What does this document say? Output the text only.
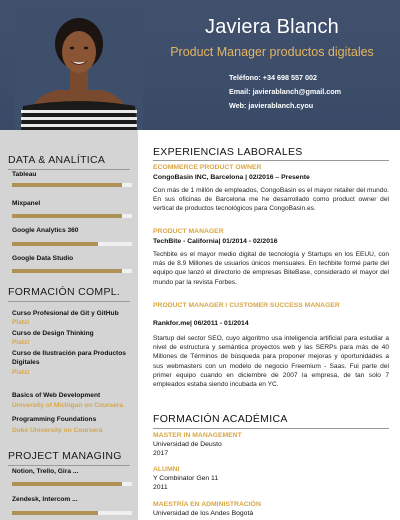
Javiera Blanch
Product Manager productos digitales
Teléfono: +34 698 557 002
Email: javierablanch@gmail.com
Web: javierablanch.cyou
DATA & ANALÍTICA
Tableau
Mixpanel
Google Analytics 360
Google Data Studio
FORMACIÓN COMPL.
Curso Profesional de Git y GitHub
Platzi
Curso de Design Thinking
Platzi
Curso de Ilustración para Productos Digitales
Platzi
Basics of Web Development
University of Michigan on Coursera
Programming Foundations
Duke University on Coursera
PROJECT MANAGING
Notion, Trello, Gira ...
Zendesk, Intercom ...
EXPERIENCIAS LABORALES
ECOMMERCE PRODUCT OWNER
CongoBasin INC, Barcelona | 02/2016 – Presente
Con más de 1 millón de empleados, CongoBasin es el mayor retailer del mundo. En sus oficinas de Barcelona me he desarrollado como product owner del vertical de productos tecnológicos para CongoBasin.es.
PRODUCT MANAGER
TechBite - California| 01/2014 - 02/2016
Techbite es el mayor medio digital de tecnología y Startups en los EEUU, con más de 8.9 Millones de usuarios únicos mensuales. En techbite formé parte del equipo que lanzó el directorio de empresas BiteBase, considerado el mayor del mundo par la revista Forbes.
PRODUCT MANAGER / CUSTOMER SUCCESS MANAGER
Rankfor.me| 06/2011 - 01/2014
Startup del sector SEO, cuyo algoritmo usa inteligencia artificial para estudiar a nivel de estructura y semántica proyectos web y las SERPs para más de 40 Millones de Términos de búsqueda para proponer mejoras y oportunidades a sus webmasters con un modelo de negocio Freemium - Saas. Fui parte del primer equipo cuando en diciembre de 2007 la empresa, de tan solo 7 empleados estaba siendo incubada en YC.
FORMACIÓN ACADÉMICA
MASTER IN MANAGEMENT
Universidad de Deusto
2017
ALUMNI
Y Combinator Gen 11
2011
MAESTRÍA EN ADMINISTRACIÓN
Universidad de los Andes Bogotá
